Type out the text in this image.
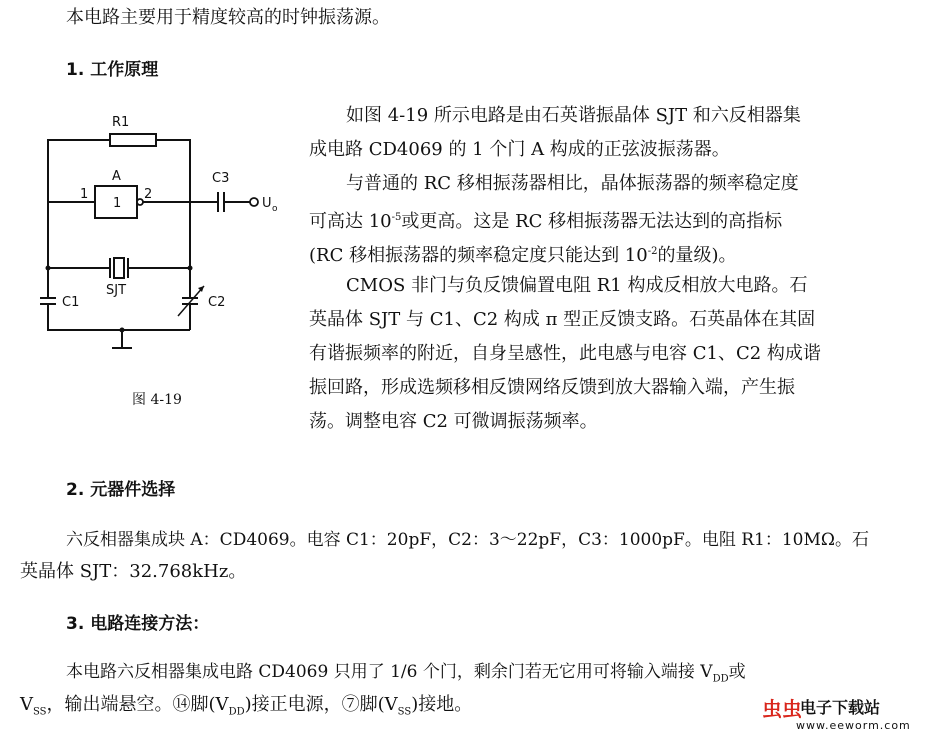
本电路主要用于精度较高的时钟振荡源。
1. 工作原理
R1
A
1
1	2
C3
U o
SJT
C1	C2
图 4-19
如图 4-19 所示电路是由石英谐振晶体 SJT 和六反相器集
成电路 CD4069 的 1 个门 A 构成的正弦波振荡器。
与普通的 RC 移相振荡器相比，晶体振荡器的频率稳定度
可高达 $10^{-5}$或更高。这是 RC 移相振荡器无法达到的高指标
(RC 移相振荡器的频率稳定度只能达到 $10^{-2}$的量级)。
CMOS 非门与负反馈偏置电阻 R1 构成反相放大电路。石
英晶体 SJT 与 C1、C2 构成 π 型正反馈支路。石英晶体在其固
有谐振频率的附近，自身呈感性，此电感与电容 C1、C2 构成谐
振回路，形成选频移相反馈网络反馈到放大器输入端，产生振
荡。调整电容 C2 可微调振荡频率。
2. 元器件选择
六反相器集成块 A：CD4069。电容 C1：20pF，C2：3～22pF，C3：1000pF。电阻 R1：10MΩ。石
英晶体 SJT：32.768kHz。
3. 电路连接方法：
本电路六反相器集成电路 CD4069 只用了 1/6 个门，剩余门若无它用可将输入端接 $V_{DD}$或
$V_{SS}$，输出端悬空。⑭脚$(V_{DD})$接正电源，⑦脚$(V_{SS})$接地。	虫虫
电子下载站
www.eeworm.com
